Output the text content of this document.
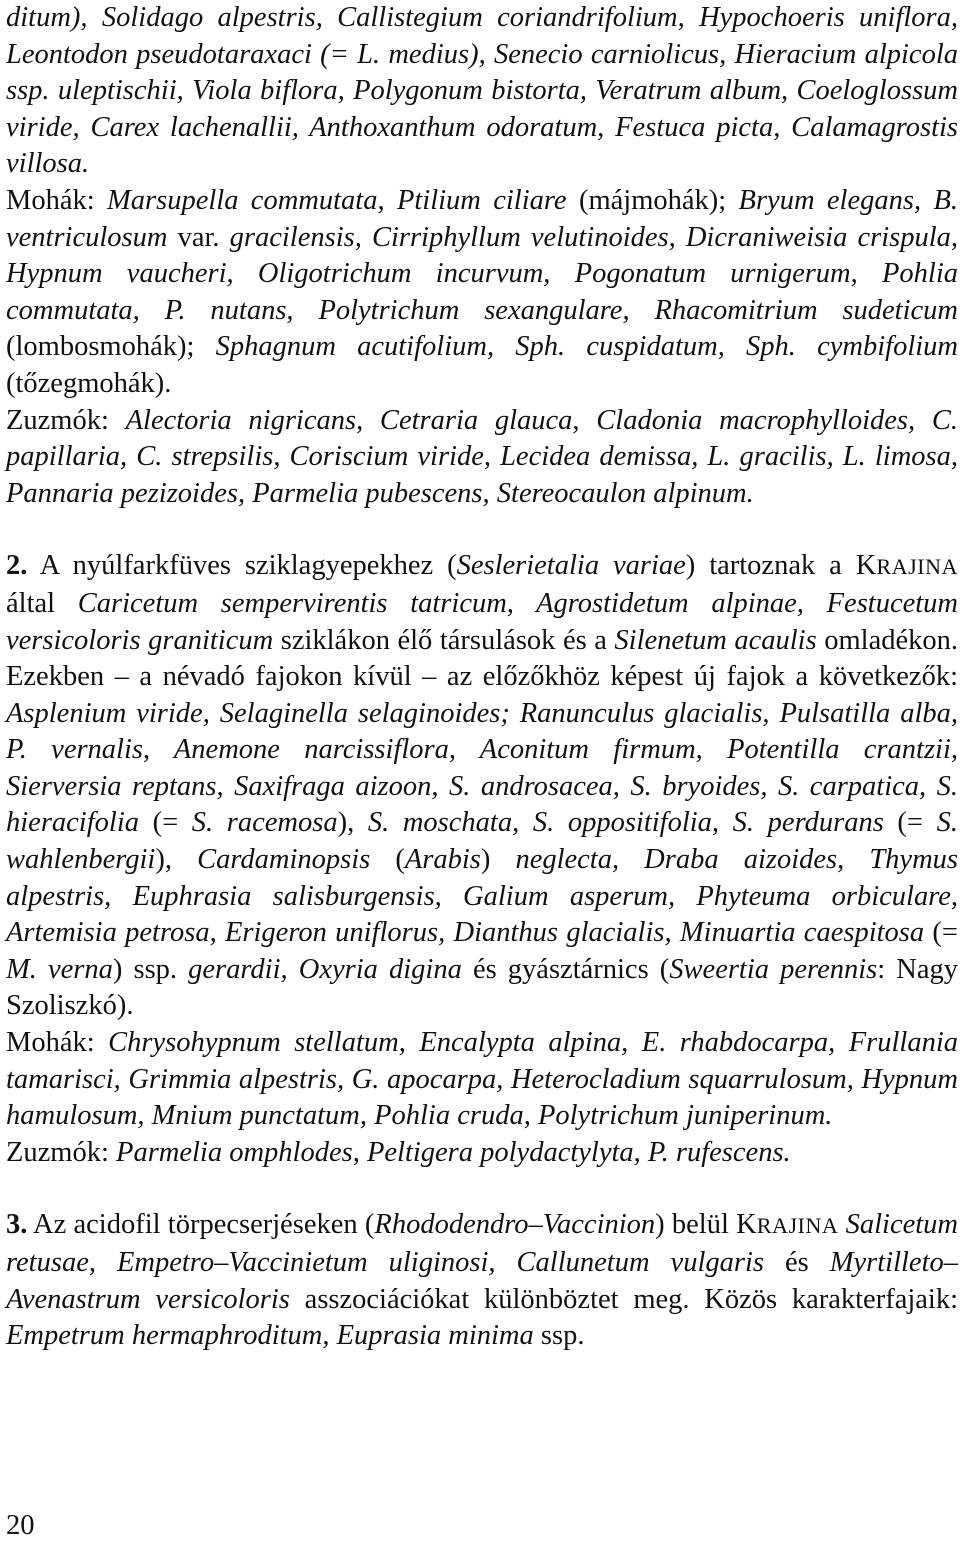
ditum), Solidago alpestris, Callistegium coriandrifolium, Hypochoeris uniflora, Leontodon pseudotaraxaci (= L. medius), Senecio carniolicus, Hieracium alpicola ssp. uleptischii, Viola biflora, Polygonum bistorta, Veratrum album, Coeloglossum viride, Carex lachenallii, Anthoxanthum odoratum, Festuca picta, Calamagrostis villosa.

Mohák: Marsupella commutata, Ptilium ciliare (májmohák); Bryum elegans, B. ventriculosum var. gracilensis, Cirriphyllum velutinoides, Dicraniweisia crispula, Hypnum vaucheri, Oligotrichum incurvum, Pogonatum urnigerum, Pohlia commutata, P. nutans, Polytrichum sexangulare, Rhacomitrium sudeticum (lombosmohák); Sphagnum acutifolium, Sph. cuspidatum, Sph. cymbifolium (tőzegmohák).

Zuzmók: Alectoria nigricans, Cetraria glauca, Cladonia macrophylloides, C. papillaria, C. strepsilis, Coriscium viride, Lecidea demissa, L. gracilis, L. limosa, Pannaria pezizoides, Parmelia pubescens, Stereocaulon alpinum.

2. A nyúlfarkfüves sziklagyepekhez (Seslerietalia variae) tartoznak a KRAJINA által Caricetum sempervirentis tatricum, Agrostidetum alpinae, Festucetum versicoloris graniticum sziklákon élő társulások és a Silenetum acaulis omladékon. Ezekben – a névadó fajokon kívül – az előzőkhöz képest új fajok a következők: Asplenium viride, Selaginella selaginoides; Ranunculus glacialis, Pulsatilla alba, P. vernalis, Anemone narcissiflora, Aconitum firmum, Potentilla crantzii, Sierversia reptans, Saxifraga aizoon, S. androsacea, S. bryoides, S. carpatica, S. hieracifolia (= S. racemosa), S. moschata, S. oppositifolia, S. perdurans (= S. wahlenbergii), Cardaminopsis (Arabis) neglecta, Draba aizoides, Thymus alpestris, Euphrasia salisburgensis, Galium asperum, Phyteuma orbiculare, Artemisia petrosa, Erigeron uniflorus, Dianthus glacialis, Minuartia caespitosa (= M. verna) ssp. gerardii, Oxyria digina és gyásztárnics (Sweertia perennis: Nagy Szoliszkó).

Mohák: Chrysohypnum stellatum, Encalypta alpina, E. rhabdocarpa, Frullania tamarisci, Grimmia alpestris, G. apocarpa, Heterocladium squarrulosum, Hypnum hamulosum, Mnium punctatum, Pohlia cruda, Polytrichum juniperinum.

Zuzmók: Parmelia omphlodes, Peltigera polydactylyta, P. rufescens.

3. Az acidofil törpecserjéseken (Rhododendro–Vaccinion) belül KRAJINA Salicetum retusae, Empetro–Vaccinietum uliginosi, Callunetum vulgaris és Myrtilleto–Avenastrum versicoloris asszociációkat különböztet meg. Közös karakterfajaik: Empetrum hermaphroditum, Euprasia minima ssp.

20
